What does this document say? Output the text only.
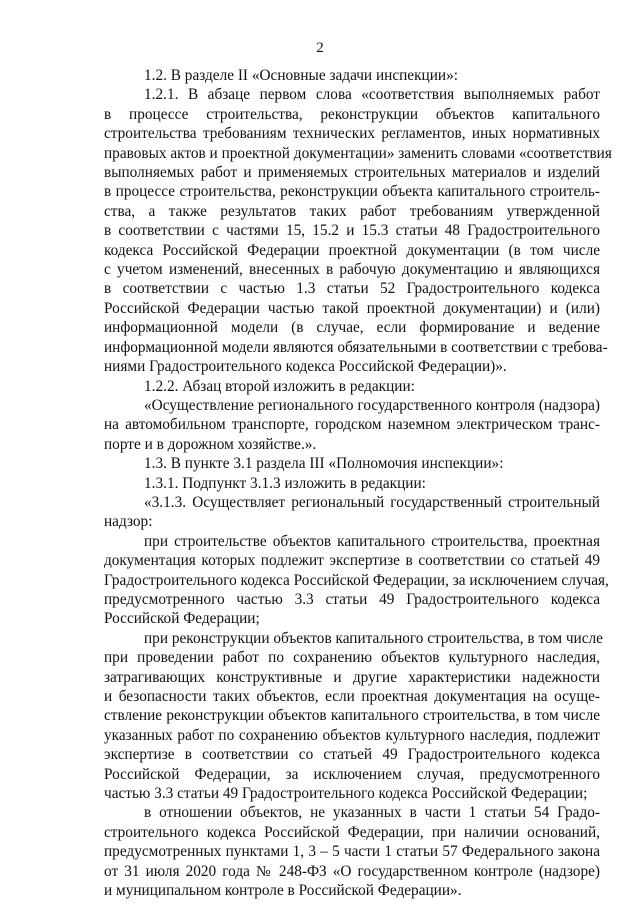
2
1.2. В разделе II «Основные задачи инспекции»:
1.2.1. В абзаце первом слова «соответствия выполняемых работ
в процессе строительства, реконструкции объектов капитального
строительства требованиям технических регламентов, иных нормативных
правовых актов и проектной документации» заменить словами «соответствия
выполняемых работ и применяемых строительных материалов и изделий
в процессе строительства, реконструкции объекта капитального строитель-
ства, а также результатов таких работ требованиям утвержденной
в соответствии с частями 15, 15.2 и 15.3 статьи 48 Градостроительного
кодекса Российской Федерации проектной документации (в том числе
с учетом изменений, внесенных в рабочую документацию и являющихся
в соответствии с частью 1.3 статьи 52 Градостроительного кодекса
Российской Федерации частью такой проектной документации) и (или)
информационной модели (в случае, если формирование и ведение
информационной модели являются обязательными в соответствии с требова-
ниями Градостроительного кодекса Российской Федерации)».
1.2.2. Абзац второй изложить в редакции:
«Осуществление регионального государственного контроля (надзора)
на автомобильном транспорте, городском наземном электрическом транс-
порте и в дорожном хозяйстве.».
1.3. В пункте 3.1 раздела III «Полномочия инспекции»:
1.3.1. Подпункт 3.1.3 изложить в редакции:
«3.1.3. Осуществляет региональный государственный строительный
надзор:
при строительстве объектов капитального строительства, проектная
документация которых подлежит экспертизе в соответствии со статьей 49
Градостроительного кодекса Российской Федерации, за исключением случая,
предусмотренного частью 3.3 статьи 49 Градостроительного кодекса
Российской Федерации;
при реконструкции объектов капитального строительства, в том числе
при проведении работ по сохранению объектов культурного наследия,
затрагивающих конструктивные и другие характеристики надежности
и безопасности таких объектов, если проектная документация на осуще-
ствление реконструкции объектов капитального строительства, в том числе
указанных работ по сохранению объектов культурного наследия, подлежит
экспертизе в соответствии со статьей 49 Градостроительного кодекса
Российской Федерации, за исключением случая, предусмотренного
частью 3.3 статьи 49 Градостроительного кодекса Российской Федерации;
в отношении объектов, не указанных в части 1 статьи 54 Градо-
строительного кодекса Российской Федерации, при наличии оснований,
предусмотренных пунктами 1, 3 – 5 части 1 статьи 57 Федерального закона
от 31 июля 2020 года № 248-ФЗ «О государственном контроле (надзоре)
и муниципальном контроле в Российской Федерации».
